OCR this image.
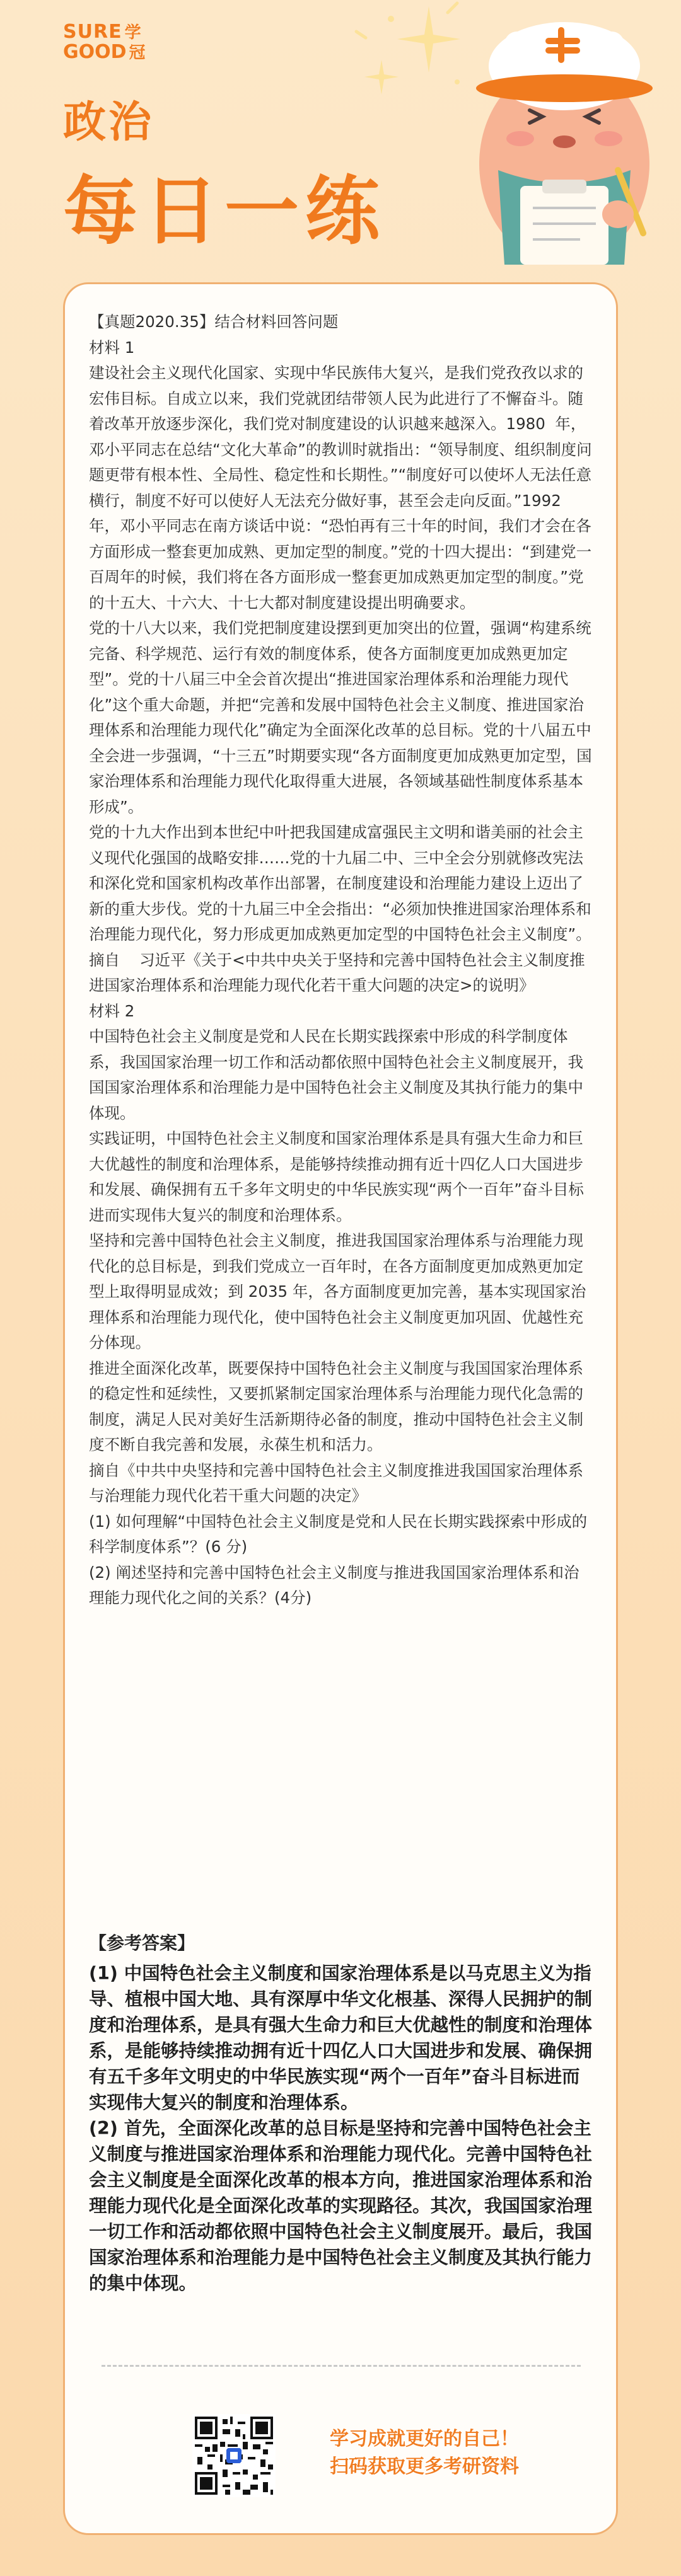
SURE 学
GOOD 冠
政治
每日一练

【真题2020.35】结合材料回答问题

材料 1

建设社会主义现代化国家、实现中华民族伟大复兴，是我们党孜孜以求的宏伟目标。自成立以来，我们党就团结带领人民为此进行了不懈奋斗。随着改革开放逐步深化，我们党对制度建设的认识越来越深入。1980  年，邓小平同志在总结“文化大革命”的教训时就指出：“领导制度、组织制度问题更带有根本性、全局性、稳定性和长期性。”“制度好可以使坏人无法任意横行，制度不好可以使好人无法充分做好事，甚至会走向反面。”1992  年，邓小平同志在南方谈话中说：“恐怕再有三十年的时间，我们才会在各方面形成一整套更加成熟、更加定型的制度。”党的十四大提出：“到建党一百周年的时候，我们将在各方面形成一整套更加成熟更加定型的制度。”党的十五大、十六大、十七大都对制度建设提出明确要求。

党的十八大以来，我们党把制度建设摆到更加突出的位置，强调“构建系统完备、科学规范、运行有效的制度体系，使各方面制度更加成熟更加定型”。党的十八届三中全会首次提出“推进国家治理体系和治理能力现代化”这个重大命题，并把“完善和发展中国特色社会主义制度、推进国家治理体系和治理能力现代化”确定为全面深化改革的总目标。党的十八届五中全会进一步强调，“十三五”时期要实现“各方面制度更加成熟更加定型，国家治理体系和治理能力现代化取得重大进展，各领域基础性制度体系基本形成”。

党的十九大作出到本世纪中叶把我国建成富强民主文明和谐美丽的社会主义现代化强国的战略安排……党的十九届二中、三中全会分别就修改宪法和深化党和国家机构改革作出部署，在制度建设和治理能力建设上迈出了新的重大步伐。党的十九届三中全会指出：“必须加快推进国家治理体系和治理能力现代化，努力形成更加成熟更加定型的中国特色社会主义制度”。

摘自    习近平《关于<中共中央关于坚持和完善中国特色社会主义制度推进国家治理体系和治理能力现代化若干重大问题的决定>的说明》

材料 2

中国特色社会主义制度是党和人民在长期实践探索中形成的科学制度体系，我国国家治理一切工作和活动都依照中国特色社会主义制度展开，我国国家治理体系和治理能力是中国特色社会主义制度及其执行能力的集中体现。

实践证明，中国特色社会主义制度和国家治理体系是具有强大生命力和巨大优越性的制度和治理体系，是能够持续推动拥有近十四亿人口大国进步和发展、确保拥有五千多年文明史的中华民族实现“两个一百年”奋斗目标进而实现伟大复兴的制度和治理体系。

坚持和完善中国特色社会主义制度，推进我国国家治理体系与治理能力现代化的总目标是，到我们党成立一百年时，在各方面制度更加成熟更加定型上取得明显成效；到 2035 年，各方面制度更加完善，基本实现国家治理体系和治理能力现代化，使中国特色社会主义制度更加巩固、优越性充分体现。

推进全面深化改革，既要保持中国特色社会主义制度与我国国家治理体系的稳定性和延续性，又要抓紧制定国家治理体系与治理能力现代化急需的制度，满足人民对美好生活新期待必备的制度，推动中国特色社会主义制度不断自我完善和发展，永葆生机和活力。

摘自《中共中央坚持和完善中国特色社会主义制度推进我国国家治理体系与治理能力现代化若干重大问题的决定》

(1) 如何理解“中国特色社会主义制度是党和人民在长期实践探索中形成的科学制度体系”？(6 分)

(2) 阐述坚持和完善中国特色社会主义制度与推进我国国家治理体系和治理能力现代化之间的关系？(4分)

【参考答案】

(1) 中国特色社会主义制度和国家治理体系是以马克思主义为指导、植根中国大地、具有深厚中华文化根基、深得人民拥护的制度和治理体系，是具有强大生命力和巨大优越性的制度和治理体系，是能够持续推动拥有近十四亿人口大国进步和发展、确保拥有五千多年文明史的中华民族实现“两个一百年”奋斗目标进而实现伟大复兴的制度和治理体系。

(2) 首先，全面深化改革的总目标是坚持和完善中国特色社会主义制度与推进国家治理体系和治理能力现代化。完善中国特色社会主义制度是全面深化改革的根本方向，推进国家治理体系和治理能力现代化是全面深化改革的实现路径。其次，我国国家治理一切工作和活动都依照中国特色社会主义制度展开。最后，我国国家治理体系和治理能力是中国特色社会主义制度及其执行能力的集中体现。

学习成就更好的自己！
扫码获取更多考研资料
